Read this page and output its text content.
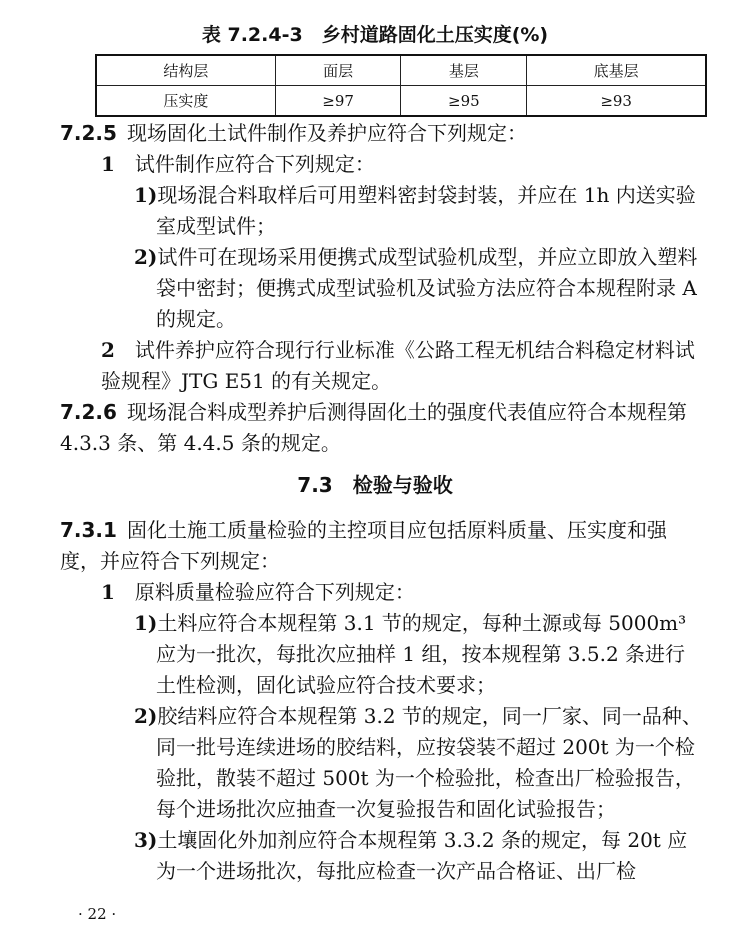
表 7.2.4-3　乡村道路固化土压实度(%)
结构层	面层	基层	底基层
压实度	≥97	≥95	≥93

7.2.5 现场固化土试件制作及养护应符合下列规定：

1　 试件制作应符合下列规定：

1)现场混合料取样后可用塑料密封袋封装，并应在 1h 内送实验室成型试件；

2)试件可在现场采用便携式成型试验机成型，并应立即放入塑料袋中密封；便携式成型试验机及试验方法应符合本规程附录 A 的规定。

2　 试件养护应符合现行行业标准《公路工程无机结合料稳定材料试验规程》JTG E51 的有关规定。

7.2.6 现场混合料成型养护后测得固化土的强度代表值应符合本规程第 4.3.3 条、第 4.4.5 条的规定。

7.3　检验与验收

7.3.1 固化土施工质量检验的主控项目应包括原料质量、压实度和强度，并应符合下列规定：

1　 原料质量检验应符合下列规定：

1)土料应符合本规程第 3.1 节的规定，每种土源或每 5000m³ 应为一批次，每批次应抽样 1 组，按本规程第 3.5.2 条进行土性检测，固化试验应符合技术要求；

2)胶结料应符合本规程第 3.2 节的规定，同一厂家、同一品种、同一批号连续进场的胶结料，应按袋装不超过 200t 为一个检验批，散装不超过 500t 为一个检验批，检查出厂检验报告，每个进场批次应抽查一次复验报告和固化试验报告；

3)土壤固化外加剂应符合本规程第 3.3.2 条的规定，每 20t 应为一个进场批次，每批应检查一次产品合格证、出厂检

· 22 ·
